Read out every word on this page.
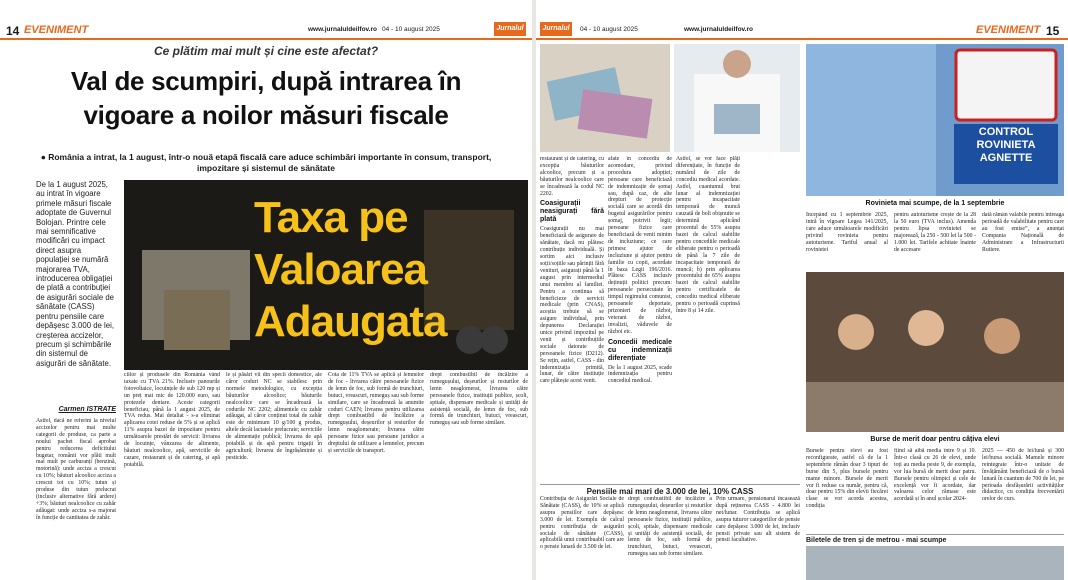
14 EVENIMENT	www.jurnaluldeilfov.ro 04 - 10 august 2025	Jurnalul
Ce plătim mai mult și cine este afectat?
Val de scumpiri, după intrarea în
vigoare a noilor măsuri fiscale
● România a intrat, la 1 august, într-o nouă etapă fiscală care aduce schimbări importante în consum, transport,
impozitare și sistemul de sănătate
De la 1 august 2025, au intrat în vigoare primele măsuri fiscale adoptate de Guvernul Bolojan. Printre cele mai semnificative modificări cu impact direct asupra populației se numără majorarea TVA, introducerea obligației de plată a contribuției de asigurări sociale de sănătate (CASS) pentru pensiile care depășesc 3.000 de lei, creșterea accizelor, precum și schimbările din sistemul de asigurări de sănătate.
Carmen ISTRATE
Taxa pe
Valoarea
Adaugata
Astfel, dacă ne referim la nivelul accizelor pentru mai multe categorii de produse, ca parte a noului pachet fiscal aprobat pentru reducerea deficitului bugetar, românii vor plăti mult mai mult pe carburanți (benzină, motorină): unde acciza a crescut cu 10%; băuturi alcoolice acciza a crescut tot cu 10%; tutun și produse din tutun prelucrat (inclusiv alternative fără ardere) +3%; băuturi nealcoolice cu zahăr adăugat: unde acciza s-a majorat în funcție de cantitatea de zahăr.
ciilor și produsele din România vând taxate cu TVA 21%. Inclusiv panourile fotovoltaice, locuințele de sub 120 mp și un preț mai mic de 120.000 euro, sau protezele dentare. Aceste categorii beneficiau, până la 1 august 2025, de TVA redus. Mai detaliat - s-a eliminat aplicarea cotei reduse de 5% și se aplică 11% asupra bazei de impozitare pentru următoarele prestări de servicii: livrarea de locuințe, vânzarea de alimente, băuturi nealcoolice, apă, serviciile de cazare, restaurant și de catering, și apă potabilă.
le și păsări vii din specii domestice, ale căror coduri NC se stabilesc prin normele metodologice, cu excepția băuturilor alcoolice; băuturile nealcoolice care se încadrează la codurile NC 2202; alimentele cu zahăr adăugat, al căror conținut total de zahăr este de minimum 10 g/100 g produs, altele decât lactatele prelucrate; serviciile de alimentație publică; livrarea de apă potabilă și de apă pentru irigații în agricultură; livrarea de îngrășăminte și pesticide.
Cota de 11% TVA se aplică și lemnelor de foc - livrarea către persoanele fizice de lemn de foc, sub formă de trunchiuri, butuci, vreascuri, rumeguș sau sub forme similare, care se încadrează la anumite coduri CAEN; livrarea pentru utilizarea drept combustibil de încălzire a rumegușului, deșeurilor și resturilor de lemn neaglomerate; livrarea către persoane fizice sau persoane juridice a dreptului de utilizare a lemnelor, precum și serviciile de transport.
drept combustibil de încălzire a rumegușului, deșeurilor și resturilor de lemn neaglomerat, livrarea către persoanele fizice, instituții publice, școli, spitale, dispensare medicale și unități de asistență socială, de lemn de foc, sub formă de trunchiuri, butuci, vreascuri, rumeguș sau sub forme similare.
Jurnalul	04 - 10 august 2025	www.jurnaluldeilfov.ro	EVENIMENT 15
restaurant și de catering, cu excepția băuturilor alcoolice, precum și a băuturilor nealcoolice care se încadrează la codul NC 2202.
Coasigurații neasigurați fără plată
Coasigurații nu mai beneficiază de asigurare de sănătate, dacă nu plătesc contribuție individuală. Și sortim aici inclusiv soții/soțiile sau părinții fără venituri, asigurați până la 1 august prin intermediul unui membru al familiei. Pentru a continua să beneficieze de servicii medicale (prin CNAS), aceștia trebuie să se asigure individual, prin depunerea Declarației unice privind impozitul pe venit și contribuțiile sociale datorate de persoanele fizice (D212). Se rețin, astfel, CASS - din indemnizația primită, lunar, de către instituție care plătește acest venit.
afate în concediu de acomodare, privind procedura adopției; persoane care beneficiază de indemnizație de șomaj sau, după caz, de alte drepturi de protecție socială care se acordă din bugetul asigurărilor pentru șomaj, potrivit legii; persoane fizice care beneficiază de venit minim de incluziune; ce care primesc ajutor de incluziune și ajutor pentru familie cu copii, acordate în baza Legii 196/2016. Plătesc CASS inclusiv deținuții politici precum: persoanele persecutate în timpul regimului comunist, persoanele deportate, prizonieri de război, veterani de război, invalizii, văduvele de război etc.
Concedii medicale cu indemnizații diferențiate
De la 1 august 2025, scade indemnizația pentru concediul medical.
Astfel, se vor face plăți diferențiate, în funcție de numărul de zile de concediu medical acordate. Astfel, cuantumul brut lunar al indemnizației pentru incapacitate temporară de muncă cauzată de boli obișnuite se determină aplicând procentul de 55% asupra bazei de calcul stabilite pentru concediile medicale eliberate pentru o perioadă de până la 7 zile de incapacitate temporară de muncă; b) prin aplicarea procentului de 65% asupra bazei de calcul stabilite pentru certificatele de concediu medical eliberate pentru o perioadă cuprinsă între 8 și 14 zile.
Pensiile mai mari de 3.000 de lei, 10% CASS
Contribuția de Asigurări Sociale de Sănătate (CASS), de 10% se aplică asupra pensiilor care depășesc 3.000 de lei. Exemplu de calcul pentru contribuția de asigurări sociale de sănătate (CASS), aplicabilă unui contribuabil care are o pensie lunară de 3.500 de lei.
drept combustibil de încălzire a rumegușului, deșeurilor și resturilor de lemn neaglomerat, livrarea către persoanele fizice, instituții publice, școli, spitale, dispensare medicale și unități de asistență socială, de lemn de foc, sub formă de trunchiuri, butuci, vreascuri, rumeguș sau sub forme similare.
Prin urmare, pensionarul încasează după reținerea CASS - 4.800 lei net/lunar. Contribuția se aplică asupra tuturor categoriilor de pensie care depășesc 3.000 de lei, inclusiv pensii private sau alt sistem de pensii facultative.
CONTROL
ROVINIETA
AGNETTE
Rovinieta mai scumpe, de la 1 septembrie
Începând cu 1 septembrie 2025, intră în vigoare Legea 141/2025, care aduce următoarele modificări privind rovinieta pentru autoturisme. Tariful anual al rovinietei
pentru autoturisme crește de la 28 la 50 euro (TVA inclus). Amenda pentru lipsa rovinietei se majorează, la 250 - 500 lei la 500 - 1.000 lei. Tarifele achitate înainte de accesare
dată rămân valabile pentru întreaga perioadă de valabilitate pentru care au fost emise”, a anunțat Compania Națională de Administrare a Infrastructurii Rutiere.
Burse de merit doar pentru câțiva elevi
Bursele pentru elevi au fost reconfigurate, astfel că de la 1 septembrie rămân doar 3 tipuri de burse din 5, plus bursele pentru mame minore. Bursele de merit vor fi reduse ca număr, pentru că, doar pentru 15% din elevii fiecărei clase se vor acorda acestea, condiția
fiind să aibă media între 9 și 10. Într-o clasă cu 26 de elevi, unde toți au media peste 9, de exemplu, vor lua bursă de merit doar patru. Bursele pentru olimpici și cele de excelență vor fi acordate, dar valoarea celor rămase este acordată și în anul școlar 2024-
2025 — 450 de lei/lună și 300 lei/bursa socială. Mamele minore reintegrate într-o unitate de învățământ beneficiază de o bursă lunară în cuantum de 700 de lei, pe perioada desfășurării activităților didactice, cu condiția frecventării orelor de curs.
Biletele de tren și de metrou - mai scumpe
